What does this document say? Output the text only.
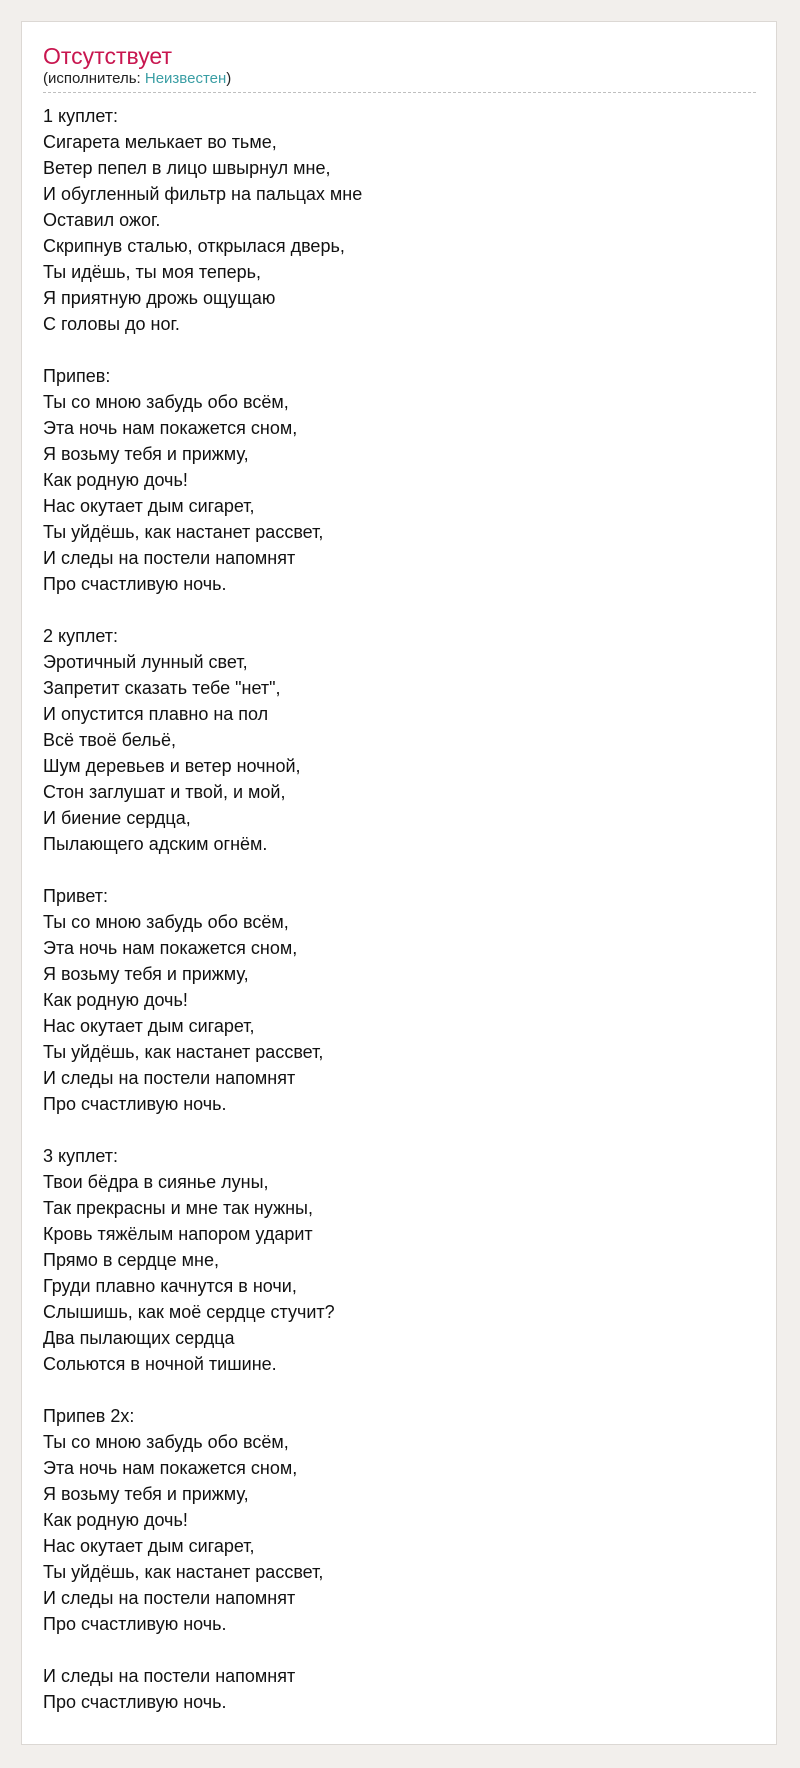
Отсутствует
(исполнитель: Неизвестен)
1 куплет:
Сигарета мелькает во тьме,
Ветер пепел в лицо швырнул мне,
И обугленный фильтр на пальцах мне
Оставил ожог.
Скрипнув сталью, открылася дверь,
Ты идёшь, ты моя теперь,
Я приятную дрожь ощущаю
С головы до ног.
Припев:
Ты со мною забудь обо всём,
Эта ночь нам покажется сном,
Я возьму тебя и прижму,
Как родную дочь!
Нас окутает дым сигарет,
Ты уйдёшь, как настанет рассвет,
И следы на постели напомнят
Про счастливую ночь.
2 куплет:
Эротичный лунный свет,
Запретит сказать тебе "нет",
И опустится плавно на пол
Всё твоё бельё,
Шум деревьев и ветер ночной,
Стон заглушат и твой, и мой,
И биение сердца,
Пылающего адским огнём.
Привет:
Ты со мною забудь обо всём,
Эта ночь нам покажется сном,
Я возьму тебя и прижму,
Как родную дочь!
Нас окутает дым сигарет,
Ты уйдёшь, как настанет рассвет,
И следы на постели напомнят
Про счастливую ночь.
3 куплет:
Твои бёдра в сиянье луны,
Так прекрасны и мне так нужны,
Кровь тяжёлым напором ударит
Прямо в сердце мне,
Груди плавно качнутся в ночи,
Слышишь, как моё сердце стучит?
Два пылающих сердца
Сольются в ночной тишине.
Припев 2х:
Ты со мною забудь обо всём,
Эта ночь нам покажется сном,
Я возьму тебя и прижму,
Как родную дочь!
Нас окутает дым сигарет,
Ты уйдёшь, как настанет рассвет,
И следы на постели напомнят
Про счастливую ночь.
И следы на постели напомнят
Про счастливую ночь.
